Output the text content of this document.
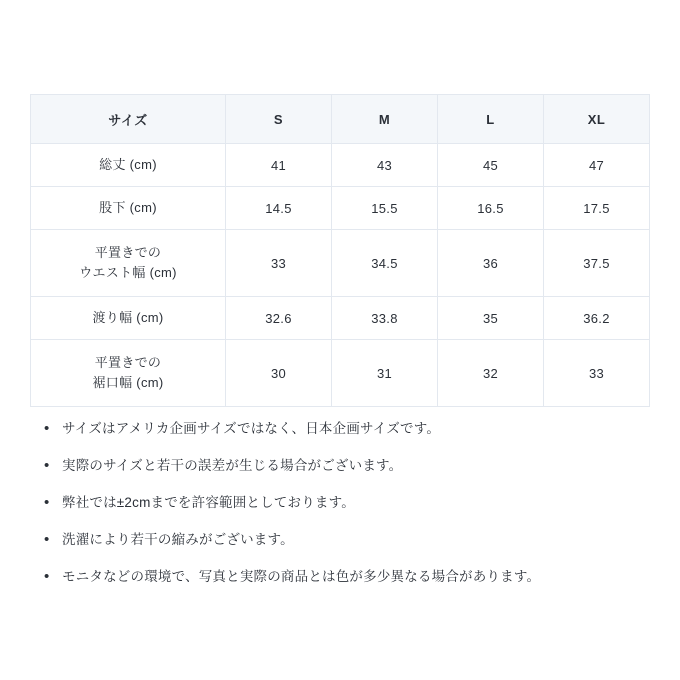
サイズ	S	M	L	XL

総丈 (cm)	41	43	45	47

股下 (cm)	14.5	15.5	16.5	17.5

平置きでの
ウエスト幅 (cm)	33	34.5	36	37.5

渡り幅 (cm)	32.6	33.8	35	36.2

平置きでの
裾口幅 (cm)	30	31	32	33
• サイズはアメリカ企画サイズではなく、日本企画サイズです。
• 実際のサイズと若干の誤差が生じる場合がございます。
• 弊社では±2cmまでを許容範囲としております。
• 洗濯により若干の縮みがございます。
• モニタなどの環境で、写真と実際の商品とは色が多少異なる場合があります。
